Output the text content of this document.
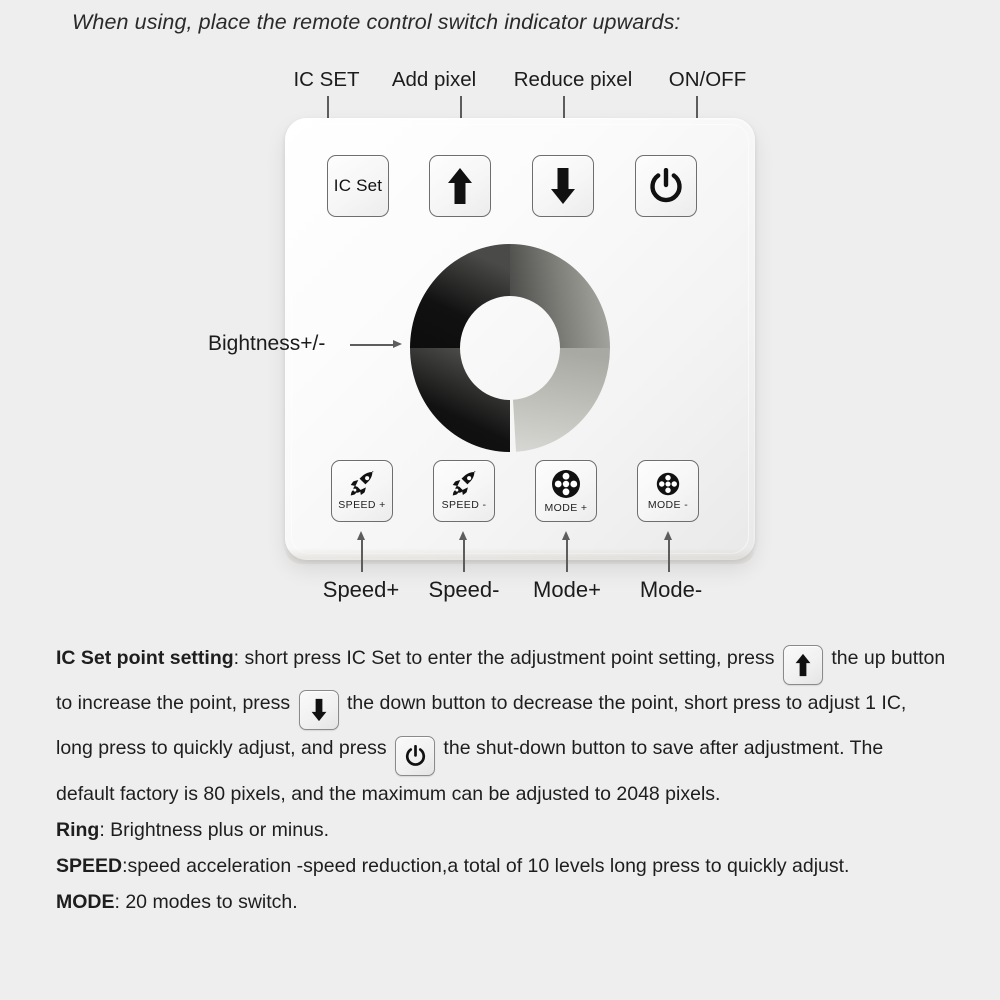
When using, place the remote control switch indicator upwards:
IC SET	Add pixel	Reduce pixel	ON/OFF
IC Set
Bightness+/-
SPEED +	SPEED -	MODE +	MODE -
Speed+	Speed-	Mode+	Mode-

IC Set point setting: short press IC Set to enter the adjustment point setting, press
the up button to increase the point, press
the down button to decrease the point, short press to adjust 1 IC, long press to quickly adjust, and press
the shut-down button to save after adjustment. The default factory is 80 pixels, and the maximum can be adjusted to 2048 pixels.

Ring: Brightness plus or minus.

SPEED:speed acceleration -speed reduction,a total of 10 levels long press to quickly adjust.

MODE: 20 modes to switch.
